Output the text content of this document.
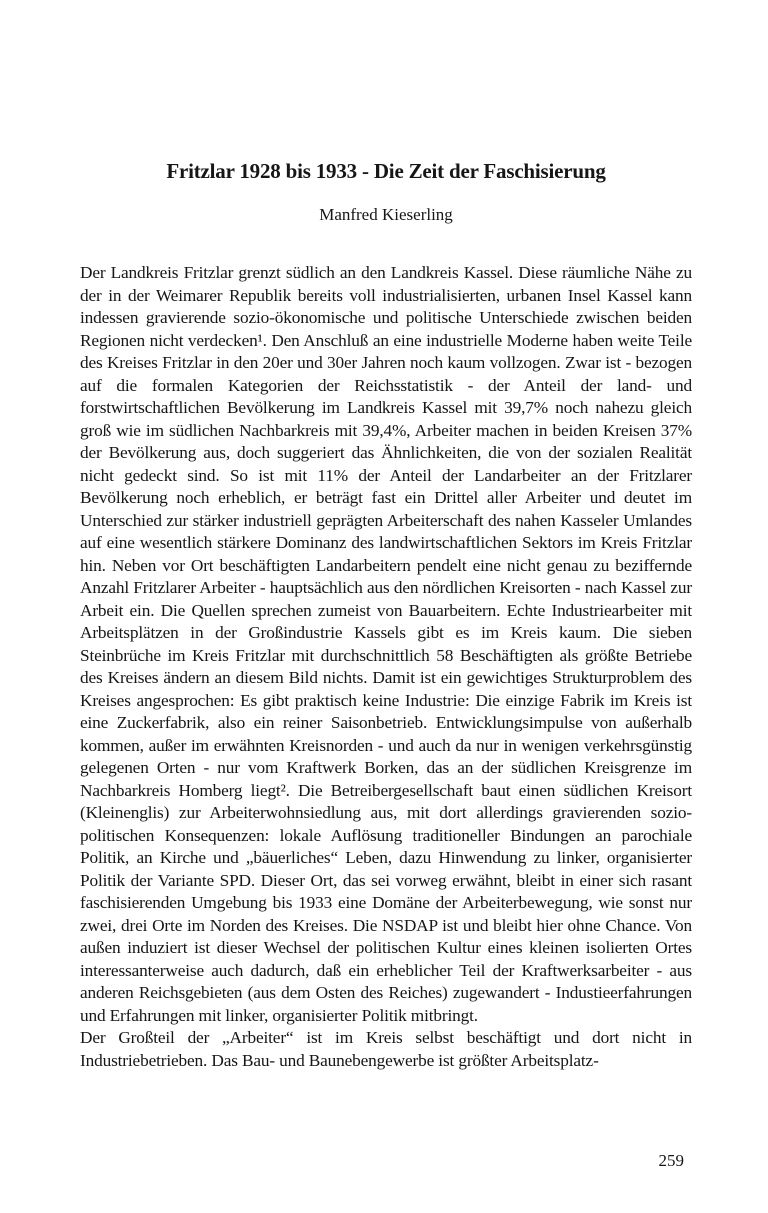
Fritzlar 1928 bis 1933 - Die Zeit der Faschisierung
Manfred Kieserling

Der Landkreis Fritzlar grenzt südlich an den Landkreis Kassel. Diese räumliche Nähe zu der in der Weimarer Republik bereits voll industrialisierten, urbanen Insel Kassel kann indessen gravierende sozio-ökonomische und politische Unterschiede zwischen beiden Regionen nicht verdecken¹. Den Anschluß an eine industrielle Moderne haben weite Teile des Kreises Fritzlar in den 20er und 30er Jahren noch kaum vollzogen. Zwar ist - bezogen auf die formalen Kategorien der Reichsstatistik - der Anteil der land- und forstwirtschaftlichen Bevölkerung im Landkreis Kassel mit 39,7% noch nahezu gleich groß wie im südlichen Nachbarkreis mit 39,4%, Arbeiter machen in beiden Kreisen 37% der Bevölkerung aus, doch suggeriert das Ähnlichkeiten, die von der sozialen Realität nicht gedeckt sind. So ist mit 11% der Anteil der Landarbeiter an der Fritzlarer Bevölkerung noch erheblich, er beträgt fast ein Drittel aller Arbeiter und deutet im Unterschied zur stärker industriell geprägten Arbeiterschaft des nahen Kasseler Umlandes auf eine wesentlich stärkere Dominanz des landwirtschaftlichen Sektors im Kreis Fritzlar hin. Neben vor Ort beschäftigten Landarbeitern pendelt eine nicht genau zu beziffernde Anzahl Fritzlarer Arbeiter - hauptsächlich aus den nördlichen Kreisorten - nach Kassel zur Arbeit ein. Die Quellen sprechen zumeist von Bauarbeitern. Echte Industriearbeiter mit Arbeitsplätzen in der Großindustrie Kassels gibt es im Kreis kaum. Die sieben Steinbrüche im Kreis Fritzlar mit durchschnittlich 58 Beschäftigten als größte Betriebe des Kreises ändern an diesem Bild nichts. Damit ist ein gewichtiges Strukturproblem des Kreises angesprochen: Es gibt praktisch keine Industrie: Die einzige Fabrik im Kreis ist eine Zuckerfabrik, also ein reiner Saisonbetrieb. Entwicklungsimpulse von außerhalb kommen, außer im erwähnten Kreisnorden - und auch da nur in wenigen verkehrsgünstig gelegenen Orten - nur vom Kraftwerk Borken, das an der südlichen Kreisgrenze im Nachbarkreis Homberg liegt². Die Betreibergesellschaft baut einen südlichen Kreisort (Kleinenglis) zur Arbeiterwohnsiedlung aus, mit dort allerdings gravierenden sozio-politischen Konsequenzen: lokale Auflösung traditioneller Bindungen an parochiale Politik, an Kirche und „bäuerliches“ Leben, dazu Hinwendung zu linker, organisierter Politik der Variante SPD. Dieser Ort, das sei vorweg erwähnt, bleibt in einer sich rasant faschisierenden Umgebung bis 1933 eine Domäne der Arbeiterbewegung, wie sonst nur zwei, drei Orte im Norden des Kreises. Die NSDAP ist und bleibt hier ohne Chance. Von außen induziert ist dieser Wechsel der politischen Kultur eines kleinen isolierten Ortes interessanterweise auch dadurch, daß ein erheblicher Teil der Kraftwerksarbeiter - aus anderen Reichsgebieten (aus dem Osten des Reiches) zugewandert - Industieerfahrungen und Erfahrungen mit linker, organisierter Politik mitbringt.

Der Großteil der „Arbeiter“ ist im Kreis selbst beschäftigt und dort nicht in Industriebetrieben. Das Bau- und Baunebengewerbe ist größter Arbeitsplatz-

259
